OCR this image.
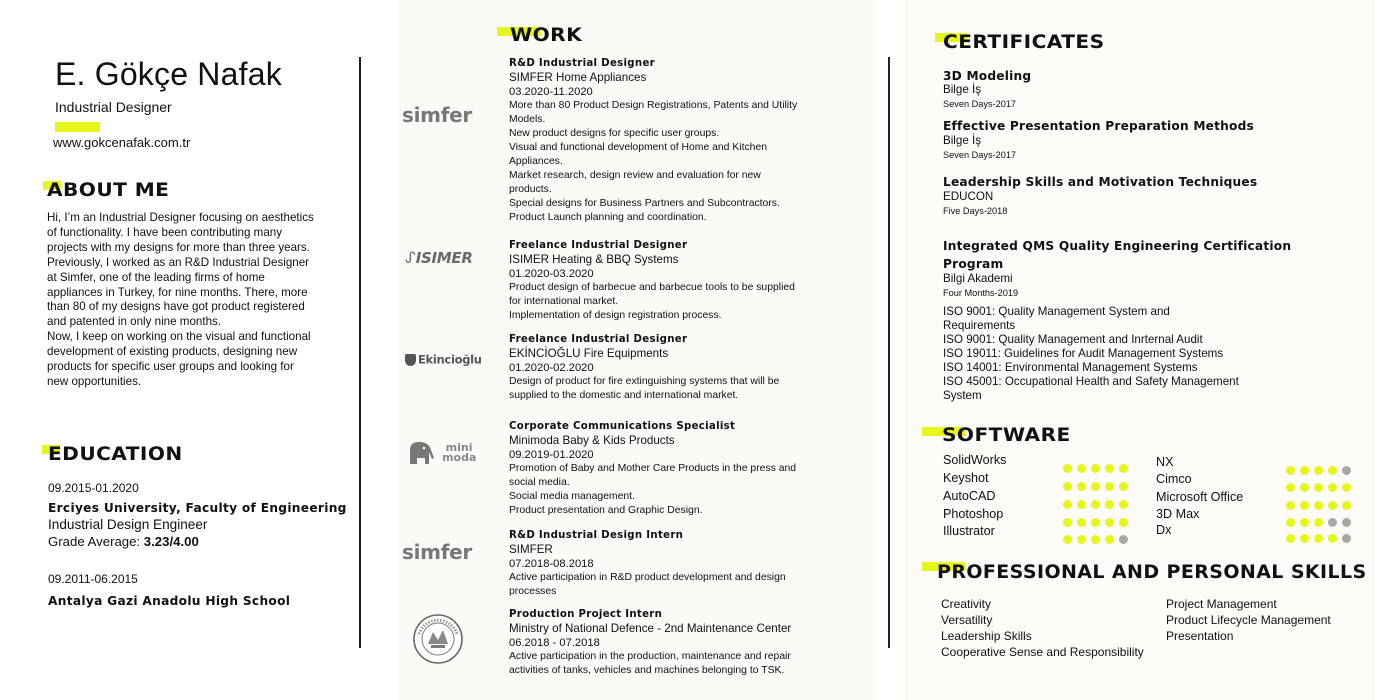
E. Gökçe Nafak
Industrial Designer
www.gokcenafak.com.tr
ABOUT ME
Hi, I’m an Industrial Designer focusing on aesthetics
of functionality. I have been contributing many
projects with my designs for more than three years.
Previously, I worked as an R&D Industrial Designer
at Simfer, one of the leading firms of home
appliances in Turkey, for nine months. There, more
than 80 of my designs have got product registered
and patented in only nine months.
Now, I keep on working on the visual and functional
development of existing products, designing new
products for specific user groups and looking for
new opportunities.
EDUCATION
09.2015-01.2020
Erciyes University, Faculty of Engineering
Industrial Design Engineer
Grade Average: 3.23/4.00
09.2011-06.2015
Antalya Gazi Anadolu High School
WORK
simfer
ᔑISIMER
Ekincioğlu
mini moda
simfer
R&D Industrial Designer
SIMFER Home Appliances
03.2020-11.2020
More than 80 Product Design Registrations, Patents and Utility
Models.
New product designs for specific user groups.
Visual and functional development of Home and Kitchen
Appliances.
Market research, design review and evaluation for new
products.
Special designs for Business Partners and Subcontractors.
Product Launch planning and coordination.
Freelance Industrial Designer
ISIMER Heating & BBQ Systems
01.2020-03.2020
Product design of barbecue and barbecue tools to be supplied
for international market.
Implementation of design registration process.
Freelance Industrial Designer
EKİNCİOĞLU Fire Equipments
01.2020-02.2020
Design of product for fire extinguishing systems that will be
supplied to the domestic and international market.
Corporate Communications Specialist
Minimoda Baby & Kids Products
09.2019-01.2020
Promotion of Baby and Mother Care Products in the press and
social media.
Social media management.
Product presentation and Graphic Design.
R&D Industrial Design Intern
SIMFER
07.2018-08.2018
Active participation in R&D product development and design
processes
Production Project Intern
Ministry of National Defence - 2nd Maintenance Center
06.2018 - 07.2018
Active participation in the production, maintenance and repair
activities of tanks, vehicles and machines belonging to TSK.
CERTIFICATES
3D Modeling
Bilge İş
Seven Days-2017
Effective Presentation Preparation Methods
Bilge İş
Seven Days-2017
Leadership Skills and Motivation Techniques
EDUCON
Five Days-2018
Integrated QMS Quality Engineering Certification
Program
Bilgi Akademi
Four Months-2019
ISO 9001: Quality Management System and
Requirements
ISO 9001: Quality Management and Inrternal Audit
ISO 19011: Guidelines for Audit Management Systems
ISO 14001: Environmental Management Systems
ISO 45001: Occupational Health and Safety Management
System
SOFTWARE
SolidWorks
Keyshot
AutoCAD
Photoshop
Illustrator
NX
Cimco
Microsoft Office
3D Max
Dx
PROFESSIONAL AND PERSONAL SKILLS
Creativity
Versatility
Leadership Skills
Cooperative Sense and Responsibility
Project Management
Product Lifecycle Management
Presentation
